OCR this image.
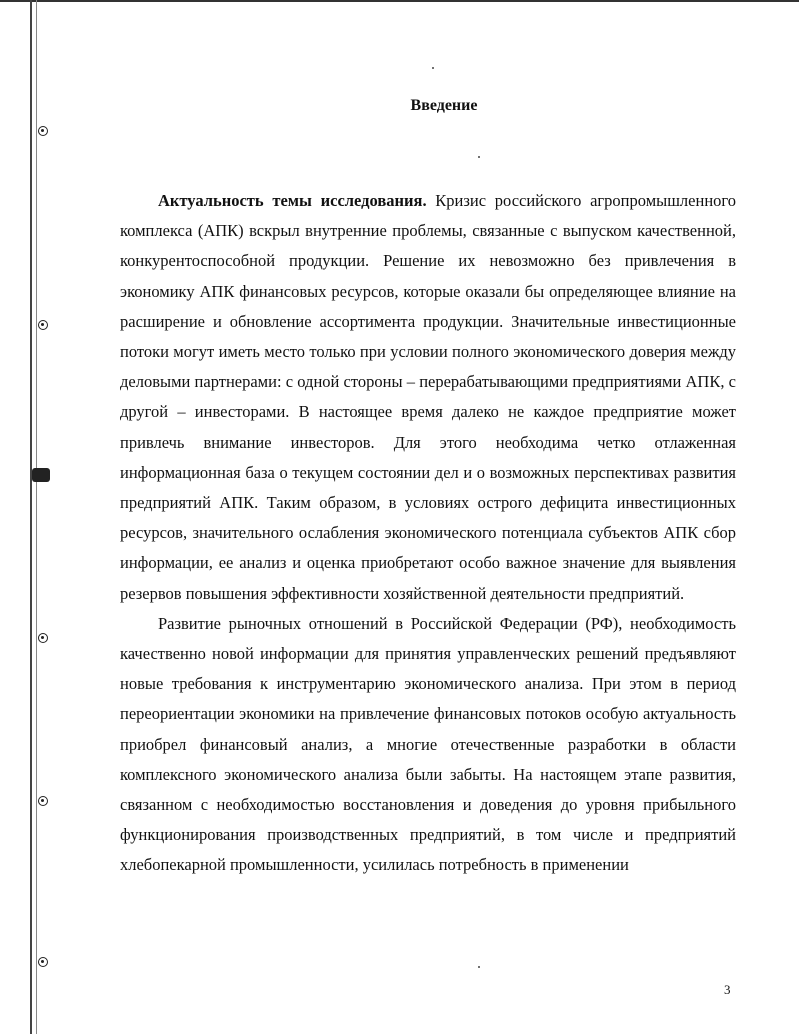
Введение

Актуальность темы исследования. Кризис российского агропромышленного комплекса (АПК) вскрыл внутренние проблемы, связанные с выпуском качественной, конкурентоспособной продукции. Решение их невозможно без привлечения в экономику АПК финансовых ресурсов, которые оказали бы определяющее влияние на расширение и обновление ассортимента продукции. Значительные инвестиционные потоки могут иметь место только при условии полного экономического доверия между деловыми партнерами: с одной стороны – перерабатывающими предприятиями АПК, с другой – инвесторами. В настоящее время далеко не каждое предприятие может привлечь внимание инвесторов. Для этого необходима четко отлаженная информационная база о текущем состоянии дел и о возможных перспективах развития предприятий АПК. Таким образом, в условиях острого дефицита инвестиционных ресурсов, значительного ослабления экономического потенциала субъектов АПК сбор информации, ее анализ и оценка приобретают особо важное значение для выявления резервов повышения эффективности хозяйственной деятельности предприятий.

Развитие рыночных отношений в Российской Федерации (РФ), необходимость качественно новой информации для принятия управленческих решений предъявляют новые требования к инструментарию экономического анализа. При этом в период переориентации экономики на привлечение финансовых потоков особую актуальность приобрел финансовый анализ, а многие отечественные разработки в области комплексного экономического анализа были забыты. На настоящем этапе развития, связанном с необходимостью восстановления и доведения до уровня прибыльного функционирования производственных предприятий, в том числе и предприятий хлебопекарной промышленности, усилилась потребность в применении

3
